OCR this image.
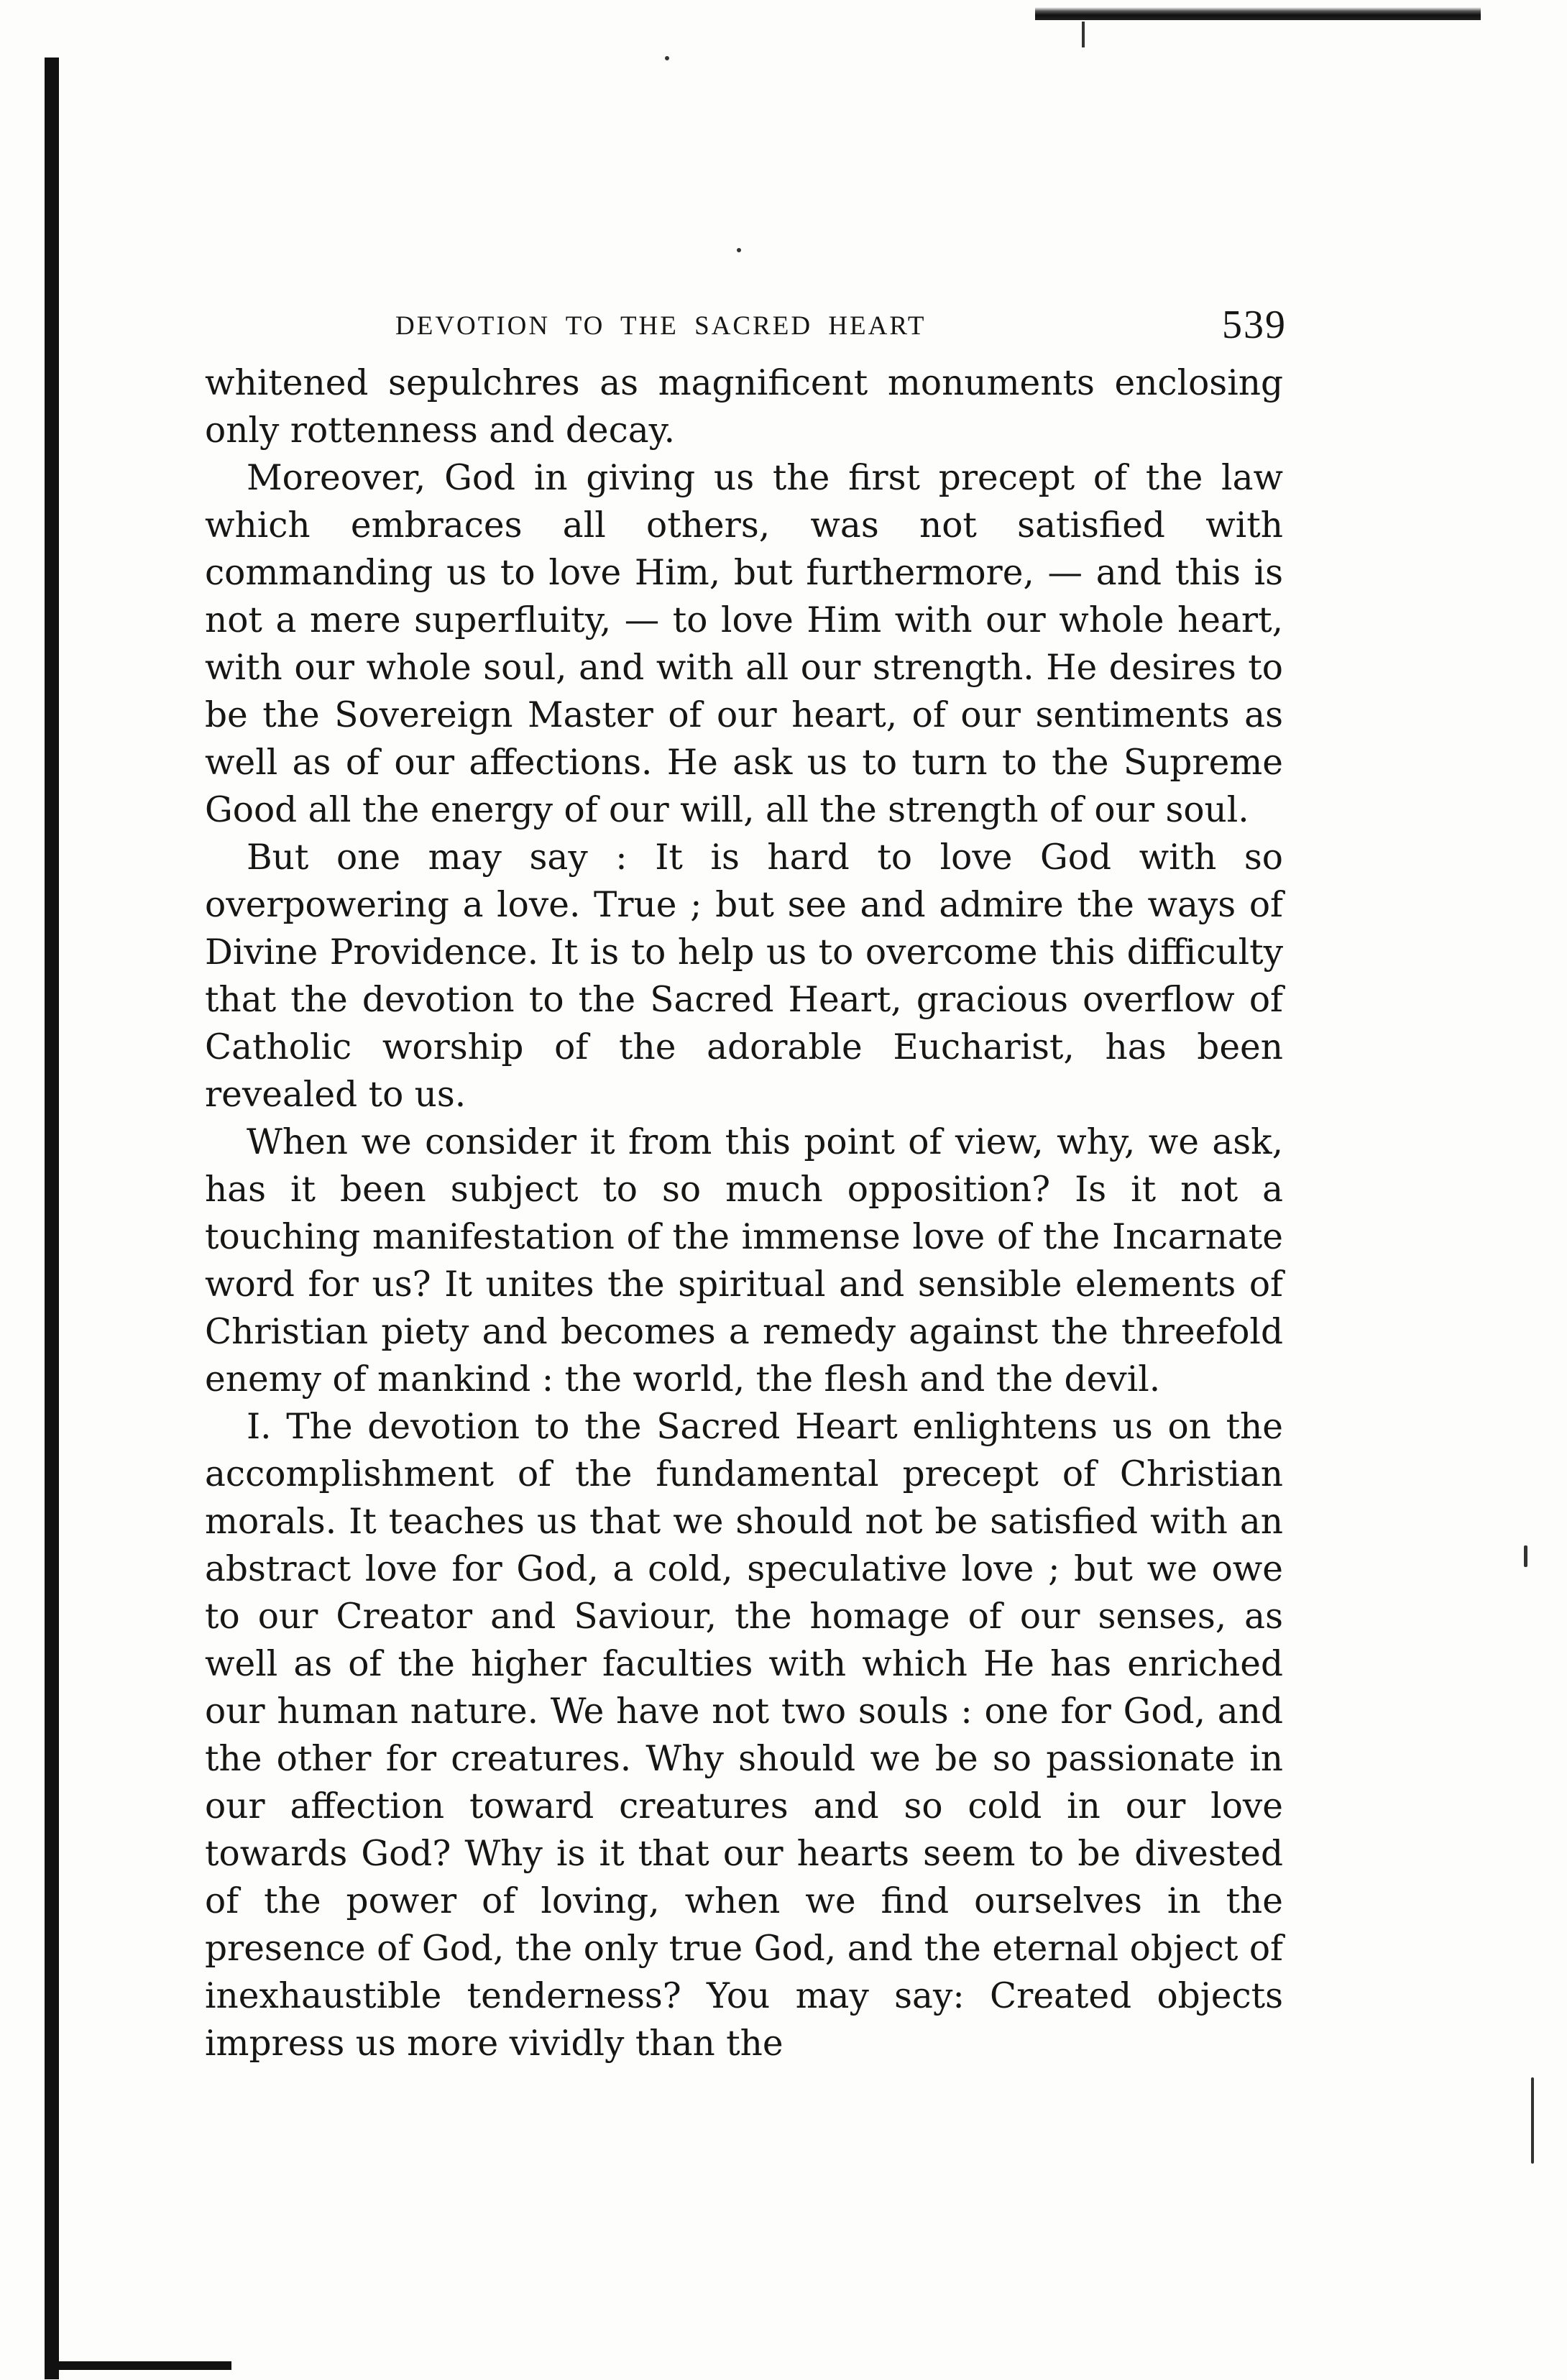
DEVOTION TO THE SACRED HEART	539

whitened sepulchres as magnificent monuments enclosing only rottenness and decay.

Moreover, God in giving us the first precept of the law which embraces all others, was not satisfied with commanding us to love Him, but furthermore, — and this is not a mere superfluity, — to love Him with our whole heart, with our whole soul, and with all our strength. He desires to be the Sovereign Master of our heart, of our sentiments as well as of our affections. He ask us to turn to the Supreme Good all the energy of our will, all the strength of our soul.

But one may say : It is hard to love God with so overpowering a love. True ; but see and admire the ways of Divine Providence. It is to help us to overcome this difficulty that the devotion to the Sacred Heart, gracious overflow of Catholic worship of the adorable Eucharist, has been revealed to us.

When we consider it from this point of view, why, we ask, has it been subject to so much opposition? Is it not a touching manifestation of the immense love of the Incarnate word for us? It unites the spiritual and sensible elements of Christian piety and becomes a remedy against the threefold enemy of mankind : the world, the flesh and the devil.

I. The devotion to the Sacred Heart enlightens us on the accomplishment of the fundamental precept of Christian morals. It teaches us that we should not be satisfied with an abstract love for God, a cold, speculative love ; but we owe to our Creator and Saviour, the homage of our senses, as well as of the higher faculties with which He has enriched our human nature. We have not two souls : one for God, and the other for creatures. Why should we be so passionate in our affection toward creatures and so cold in our love towards God? Why is it that our hearts seem to be divested of the power of loving, when we find ourselves in the presence of God, the only true God, and the eternal object of inexhaustible tenderness? You may say: Created objects impress us more vividly than the
